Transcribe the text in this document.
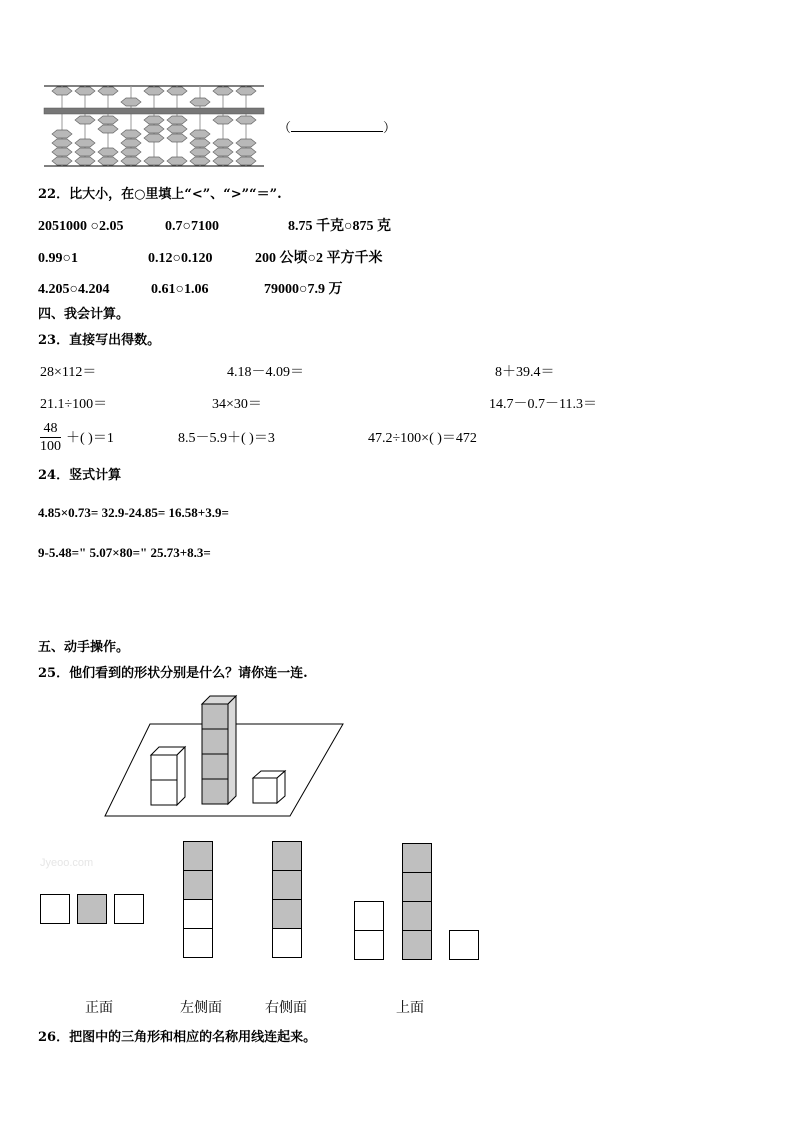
（	）
22．比大小，在○里填上“<”、“>”“＝”.
2051000 ○2.05	0.7○7100	8.75 千克○875 克
0.99○1	0.12○0.120	200 公顷○2 平方千米
4.205○4.204	0.61○1.06	79000○7.9 万
四、我会计算。
23．直接写出得数。
28×112＝	4.18－4.09＝	8＋39.4＝
21.1÷100＝	34×30＝	14.7－0.7－11.3＝
$\frac{48}{100}$ ＋( )＝1	8.5－5.9＋( )＝3	47.2÷100×( )＝472
24．竖式计算
4.85×0.73= 32.9-24.85= 16.58+3.9=
9-5.48=" 5.07×80=" 25.73+8.3=
五、动手操作。
25．他们看到的形状分别是什么？请你连一连.
Jyeoo.com
正面	左侧面	右侧面	上面
26．把图中的三角形和相应的名称用线连起来。
